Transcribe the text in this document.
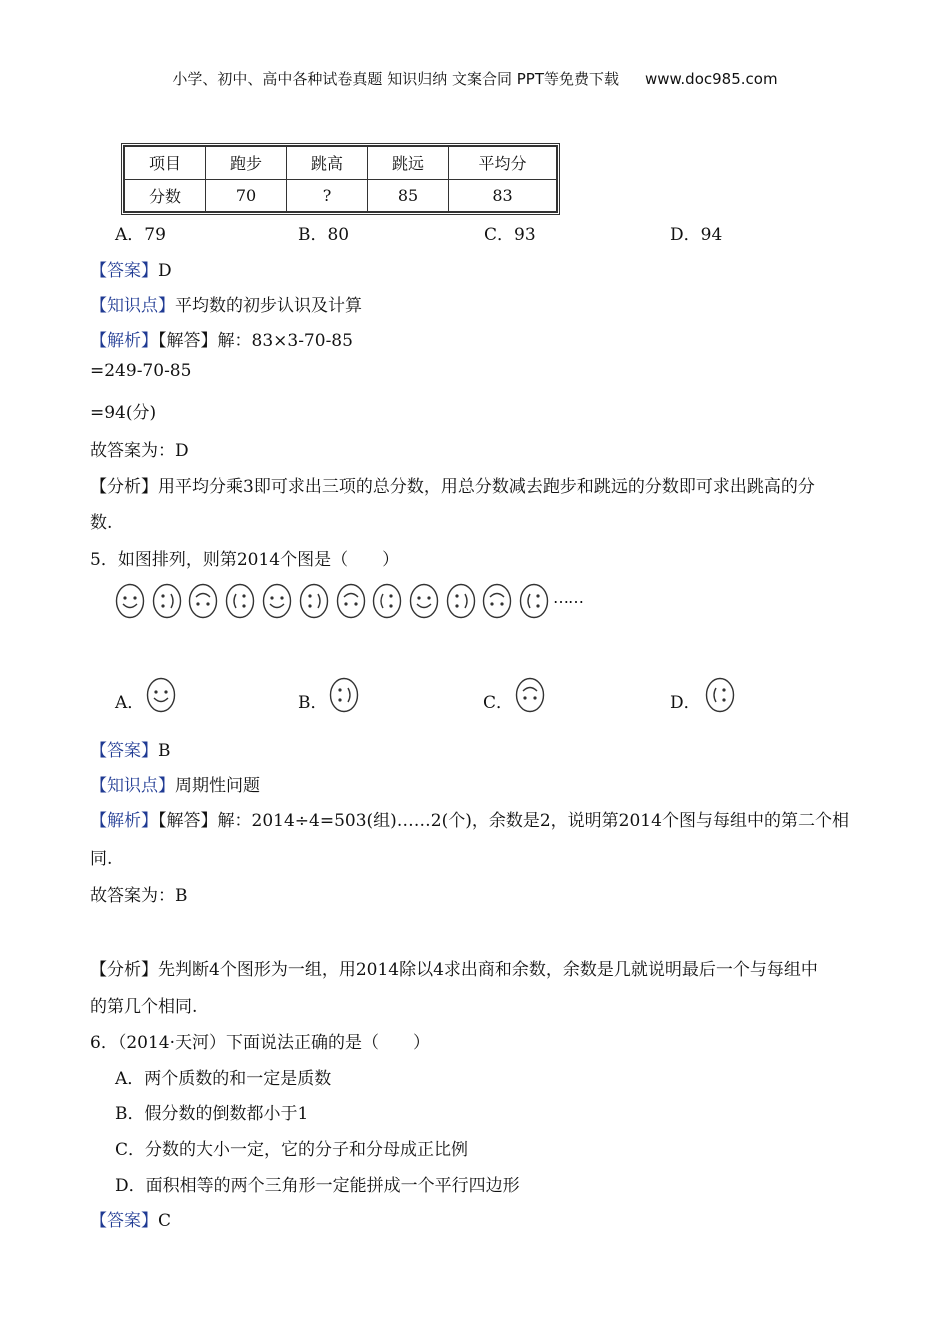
小学、初中、高中各种试卷真题 知识归纳 文案合同 PPT等免费下载 www.doc985.com
项目	跑步	跳高	跳远	平均分
分数	70	?	85	83
A．79	B．80	C．93	D．94
【答案】D
【知识点】平均数的初步认识及计算
【解析】【解答】解：83×3-70-85
=249-70-85
=94(分)
故答案为：D
【分析】用平均分乘3即可求出三项的总分数，用总分数减去跑步和跳远的分数即可求出跳高的分
数.
5．如图排列，则第2014个图是（　　）
……
A．	B．	C．	D．
【答案】B
【知识点】周期性问题
【解析】【解答】解：2014÷4=503(组)……2(个)，余数是2，说明第2014个图与每组中的第二个相
同.
故答案为：B
【分析】先判断4个图形为一组，用2014除以4求出商和余数，余数是几就说明最后一个与每组中
的第几个相同.
6．（2014·天河）下面说法正确的是（　　）
A．两个质数的和一定是质数
B．假分数的倒数都小于1
C．分数的大小一定，它的分子和分母成正比例
D．面积相等的两个三角形一定能拼成一个平行四边形
【答案】C
